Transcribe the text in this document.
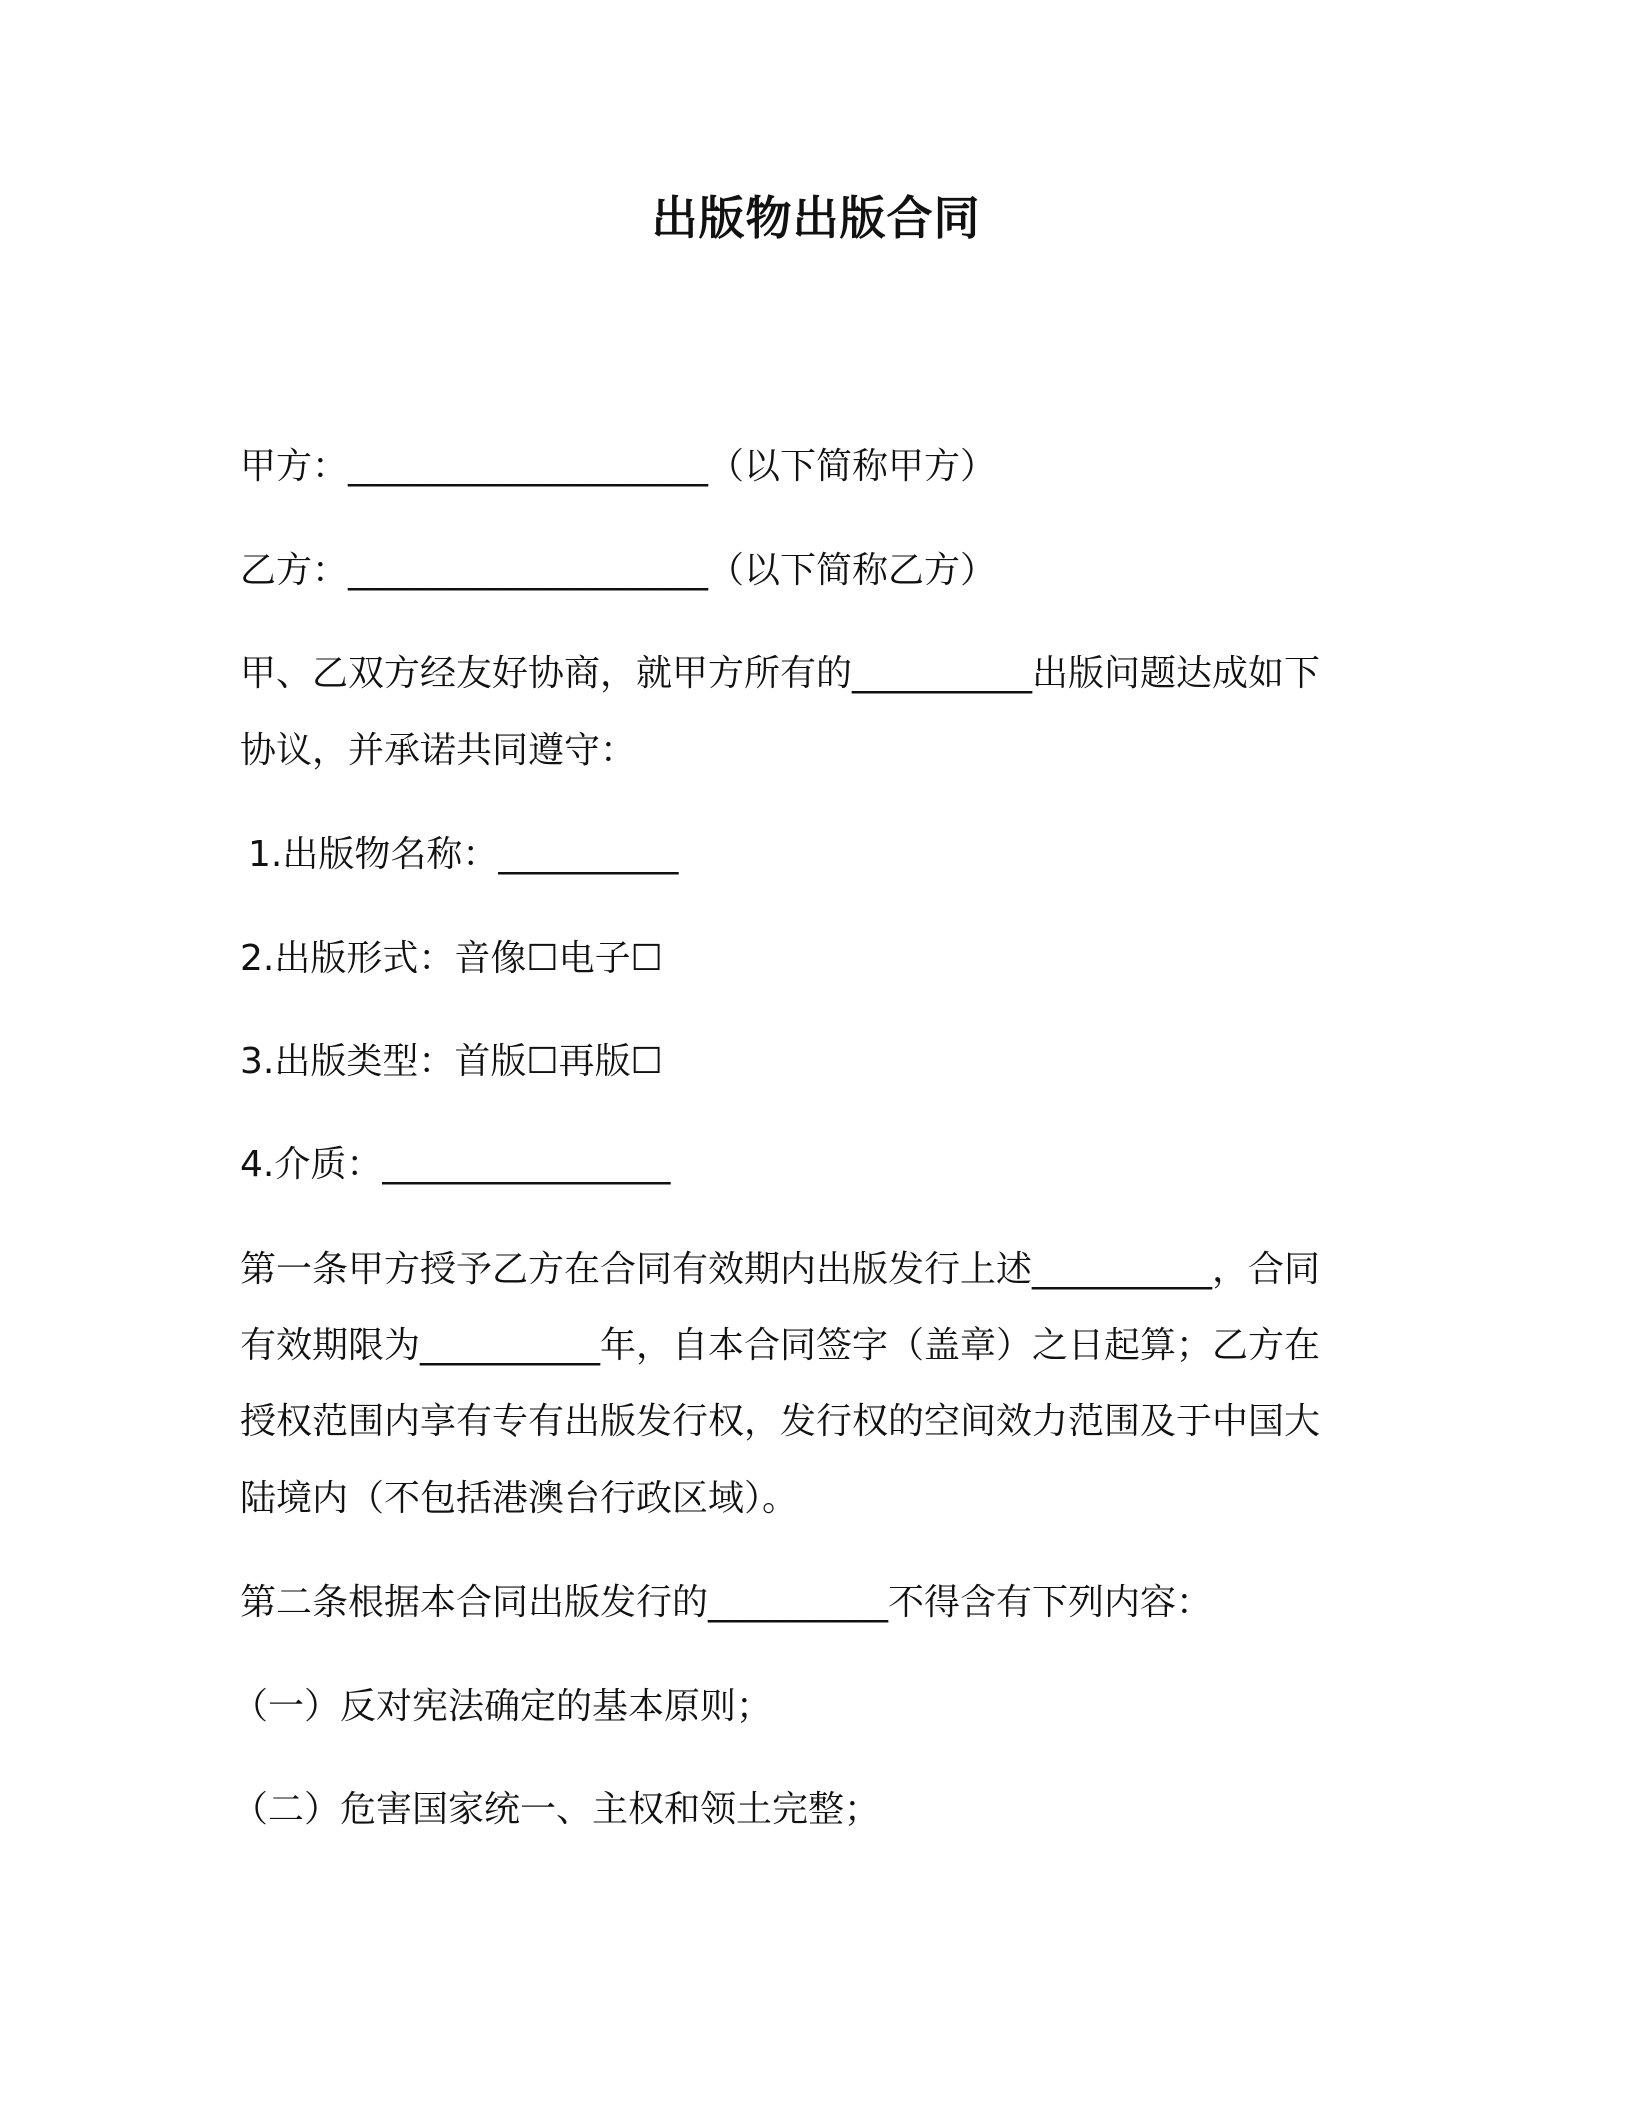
出版物出版合同
甲方：____________________（以下简称甲方）
乙方：____________________（以下简称乙方）
甲、乙双方经友好协商，就甲方所有的__________出版问题达成如下
协议，并承诺共同遵守：
1.出版物名称：__________
2.出版形式：音像☐电子☐
3.出版类型：首版☐再版☐
4.介质：________________
第一条甲方授予乙方在合同有效期内出版发行上述__________，合同
有效期限为__________年，自本合同签字（盖章）之日起算；乙方在
授权范围内享有专有出版发行权，发行权的空间效力范围及于中国大
陆境内（不包括港澳台行政区域）。
第二条根据本合同出版发行的__________不得含有下列内容：
（一）反对宪法确定的基本原则；
（二）危害国家统一、主权和领土完整；
